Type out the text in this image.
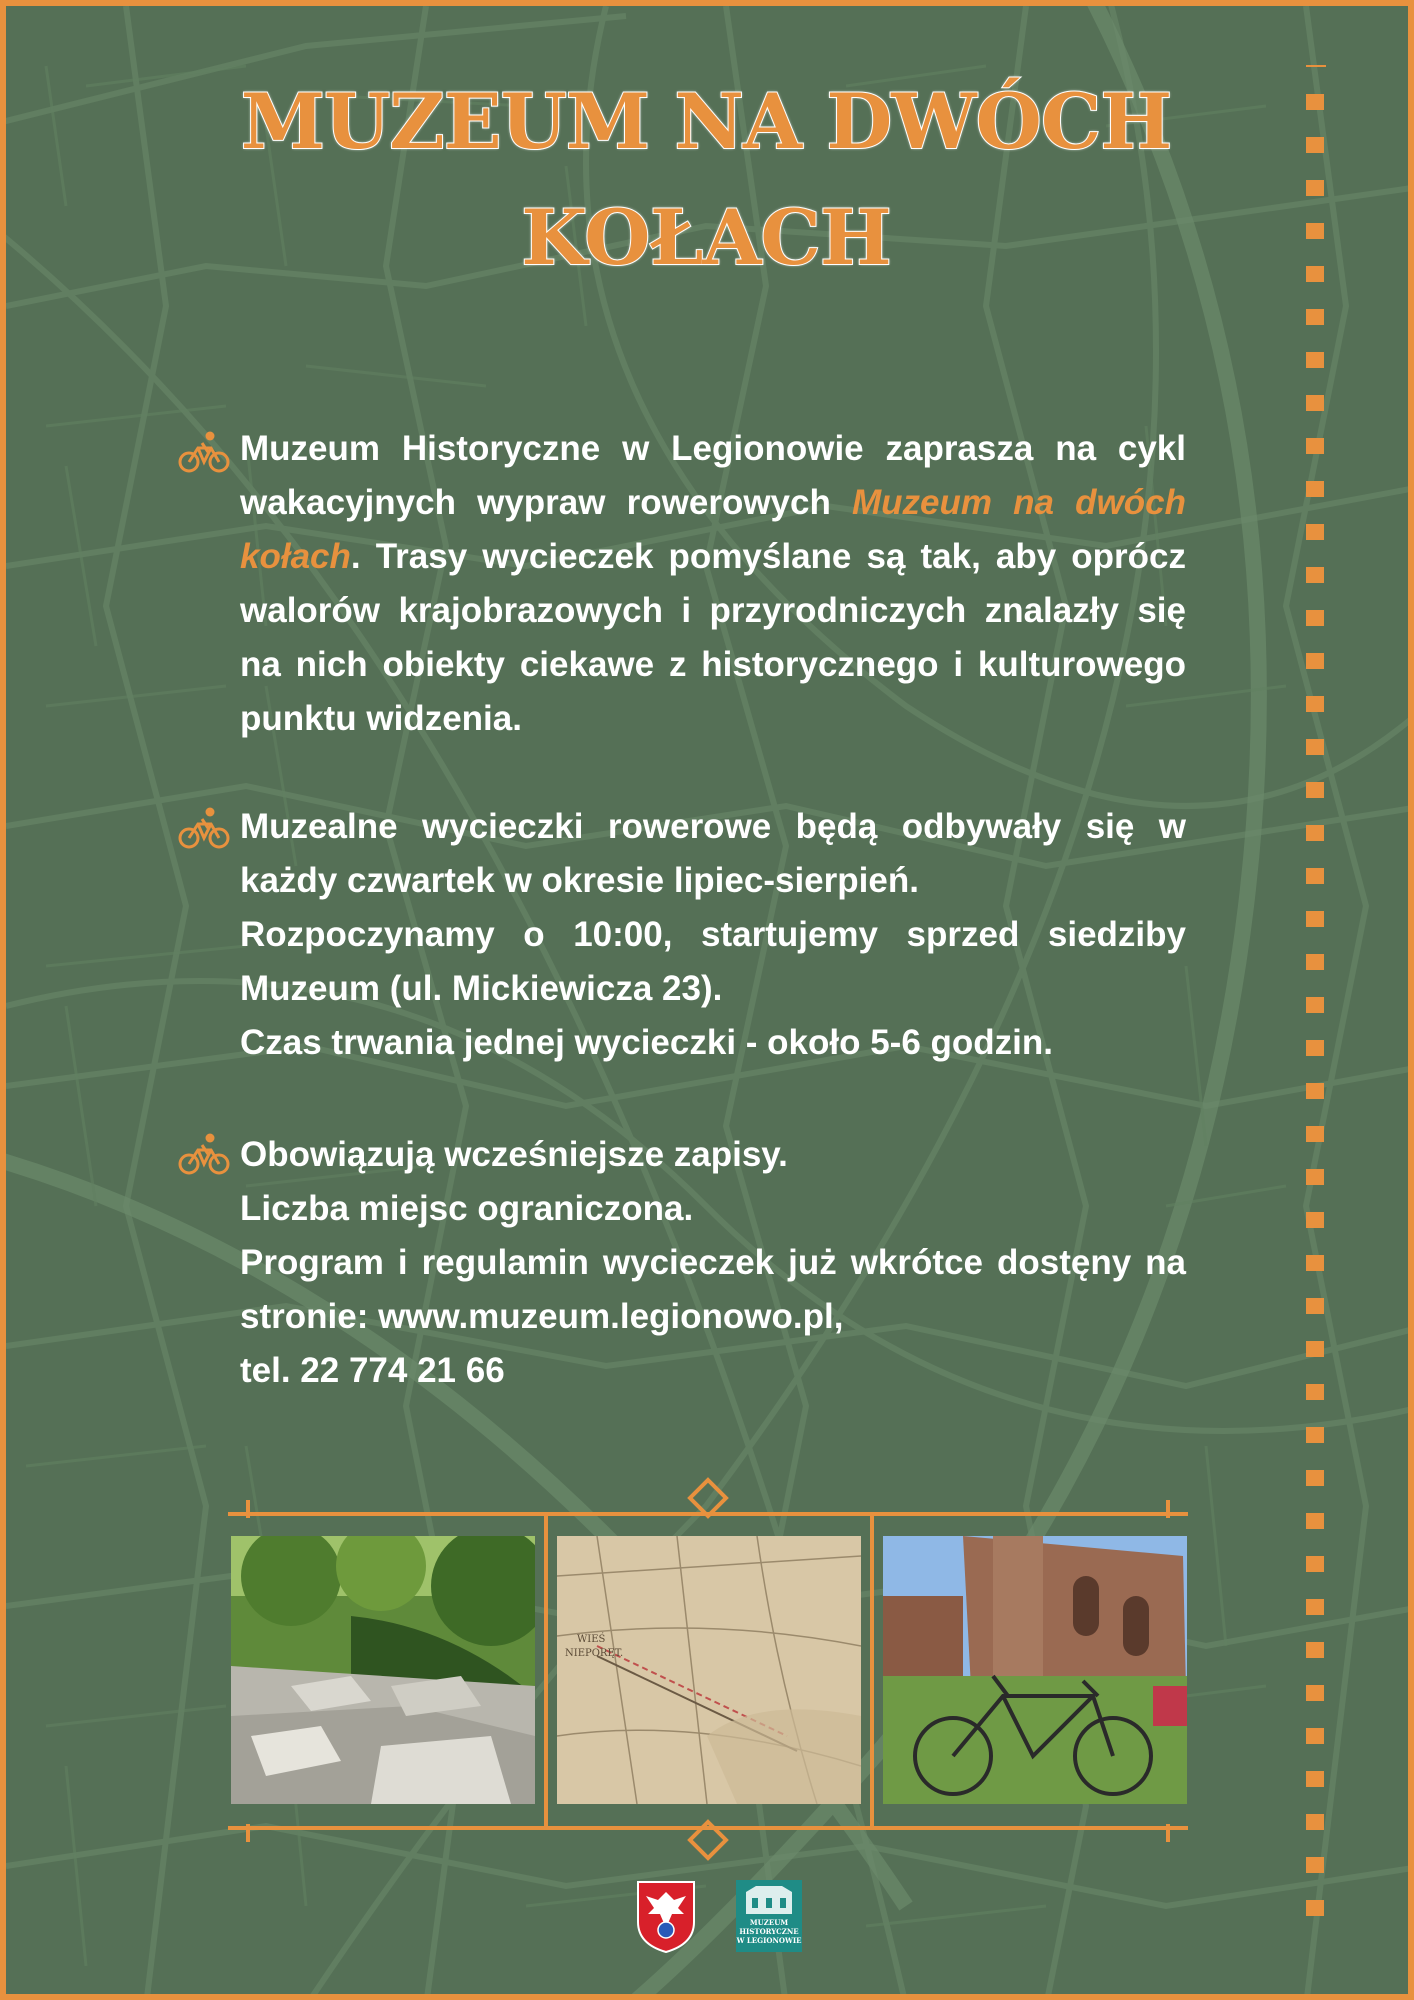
MUZEUM NA DWÓCH
KOŁACH
Muzeum Historyczne w Legionowie zaprasza na cykl wakacyjnych wypraw rowerowych Muzeum na dwóch kołach. Trasy wycieczek pomyślane są tak, aby oprócz walorów krajobrazowych i przyrodniczych znalazły się na nich obiekty ciekawe z historycznego i kulturowego punktu widzenia.
Muzealne wycieczki rowerowe będą odbywały się w każdy czwartek w okresie lipiec-sierpień.
Rozpoczynamy o 10:00, startujemy sprzed siedziby Muzeum (ul. Mickiewicza 23).
Czas trwania jednej wycieczki - około 5-6 godzin.
Obowiązują wcześniejsze zapisy.
Liczba miejsc ograniczona.
Program i regulamin wycieczek już wkrótce dostęny na stronie: www.muzeum.legionowo.pl,
tel. 22 774 21 66
WIEŚ
NIEPORĘT.
MUZEUM
HISTORYCZNE
W LEGIONOWIE
